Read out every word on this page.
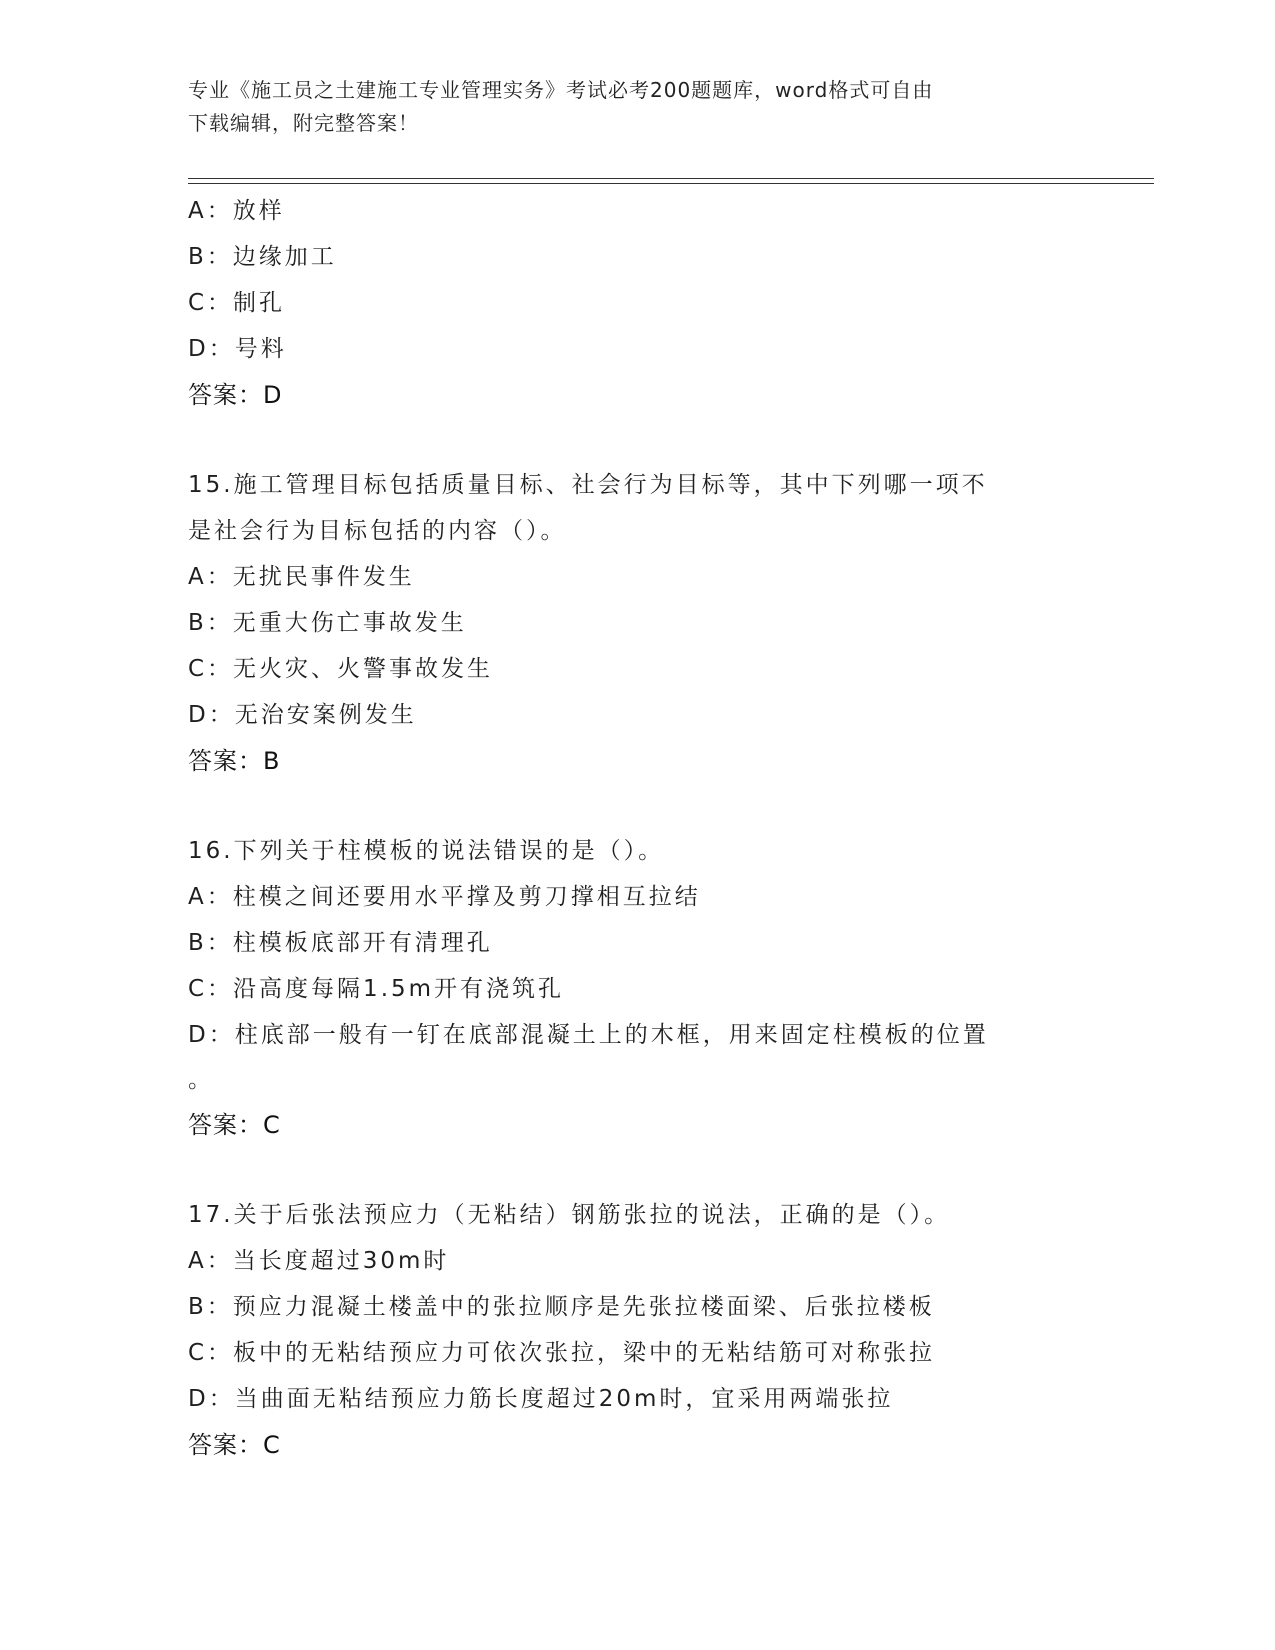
专业《施工员之土建施工专业管理实务》考试必考200题题库，word格式可自由
下载编辑，附完整答案！
A：放样
B：边缘加工
C：制孔
D：号料
答案：D
15.施工管理目标包括质量目标、社会行为目标等，其中下列哪一项不
是社会行为目标包括的内容（）。
A：无扰民事件发生
B：无重大伤亡事故发生
C：无火灾、火警事故发生
D：无治安案例发生
答案：B
16.下列关于柱模板的说法错误的是（）。
A：柱模之间还要用水平撑及剪刀撑相互拉结
B：柱模板底部开有清理孔
C：沿高度每隔1.5m开有浇筑孔
D：柱底部一般有一钉在底部混凝土上的木框，用来固定柱模板的位置
。
答案：C
17.关于后张法预应力（无粘结）钢筋张拉的说法，正确的是（）。
A：当长度超过30m时
B：预应力混凝土楼盖中的张拉顺序是先张拉楼面梁、后张拉楼板
C：板中的无粘结预应力可依次张拉，梁中的无粘结筋可对称张拉
D：当曲面无粘结预应力筋长度超过20m时，宜采用两端张拉
答案：C
